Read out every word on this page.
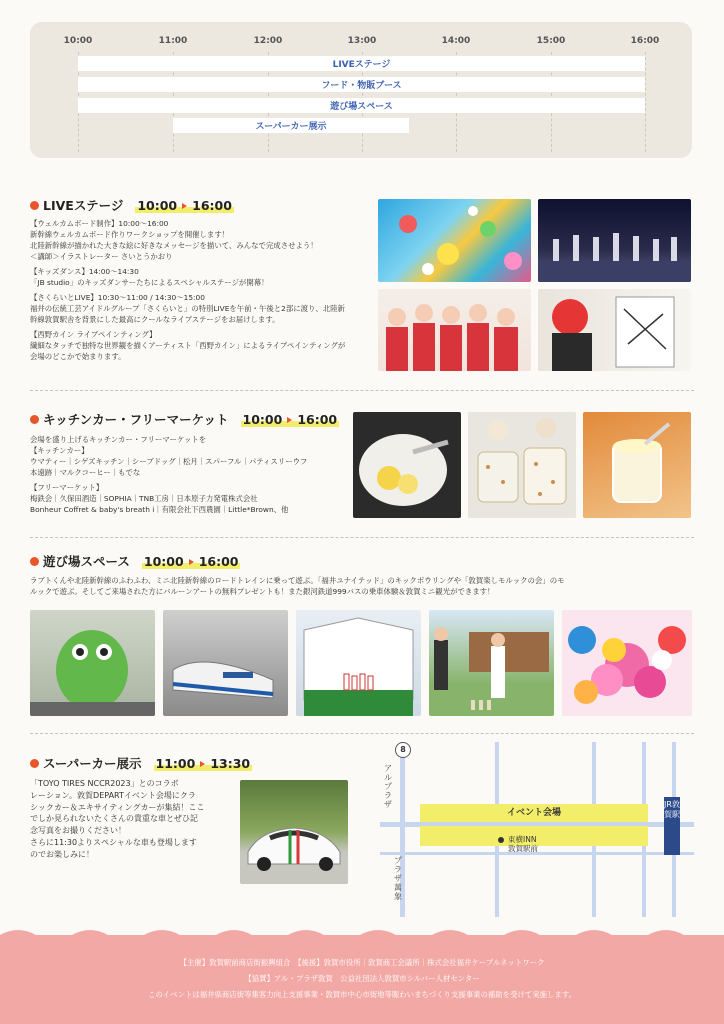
10:00	11:00	12:00	13:00	14:00	15:00	16:00
LIVEステージ
フード・物販ブース
遊び場スペース
スーパーカー展示
LIVEステージ 10:00 16:00

【ウェルカムボード制作】10:00～16:00

新幹線ウェルカムボード作りワークショップを開催します！

北陸新幹線が描かれた大きな絵に好きなメッセージを描いて、みんなで完成させよう！

＜講師＞イラストレーター さいとうかおり

【キッズダンス】14:00～14:30

「JB studio」のキッズダンサーたちによるスペシャルステージが開幕！

【さくらいとLIVE】10:30～11:00 / 14:30～15:00

福井の伝統工芸アイドルグループ「さくらいと」の特別LIVEを午前・午後と2部に渡り、北陸新

幹線敦賀駅舎を背景にした最高にクールなライブステージをお届けします。

【西野カイン ライブペインティング】

繊細なタッチで独特な世界観を描くアーティスト「西野カイン」によるライブペインティングが

会場のどこかで始まります。

キッチンカー・フリーマーケット 10:00 16:00

会場を盛り上げるキッチンカー・フリーマーケットを

【キッチンカー】

ウマティー｜シゲズキッチン｜シーブドッグ｜松月｜スパーフル｜パティスリーウフ

本遠跡｜マルクコーヒー｜もでな

【フリーマーケット】

梅鉄会｜久保田酒造｜SOPHIA｜TNB工房｜日本原子力発電株式会社

Bonheur Coffret & baby's breath i｜有限会社下西農園｜Little*Brown、他

遊び場スペース 10:00 16:00

ラブトくんや北陸新幹線のふわふわ、ミニ北陸新幹線のロードトレインに乗って遊ぶ。「福井ユナイテッド」のキックボウリングや「敦賀楽しモルックの会」のモ

ルックで遊ぶ。そしてご来場された方にバルーンアートの無料プレゼントも！また銀河鉄道999バスの乗車体験＆敦賀ミニ観光ができます！

スーパーカー展示 11:00 13:30

「TOYO TIRES NCCR2023」とのコラボ

レーション。敦賀DEPARTイベント会場にクラ

シックカー＆エキサイティングカーが集結！ここ

でしか見られないたくさんの貴重な車とぜひ記

念写真をお撮りください！

さらに11:30よりスペシャルな車も登場します

のでお楽しみに！

8
アルプラザ
プラザ萬象
イベント会場
東横INN
敦賀駅前
JR敦賀駅
【主催】敦賀駅前商店街振興組合　【後援】敦賀市役所｜敦賀商工会議所｜株式会社福井ケーブルネットワーク
【協賛】アル・プラザ敦賀　公益社団法人敦賀市シルバー人材センター
このイベントは福井県商店街等集客力向上支援事業・敦賀市中心市街地等賑わいまちづくり支援事業の補助を受けて実施します。
